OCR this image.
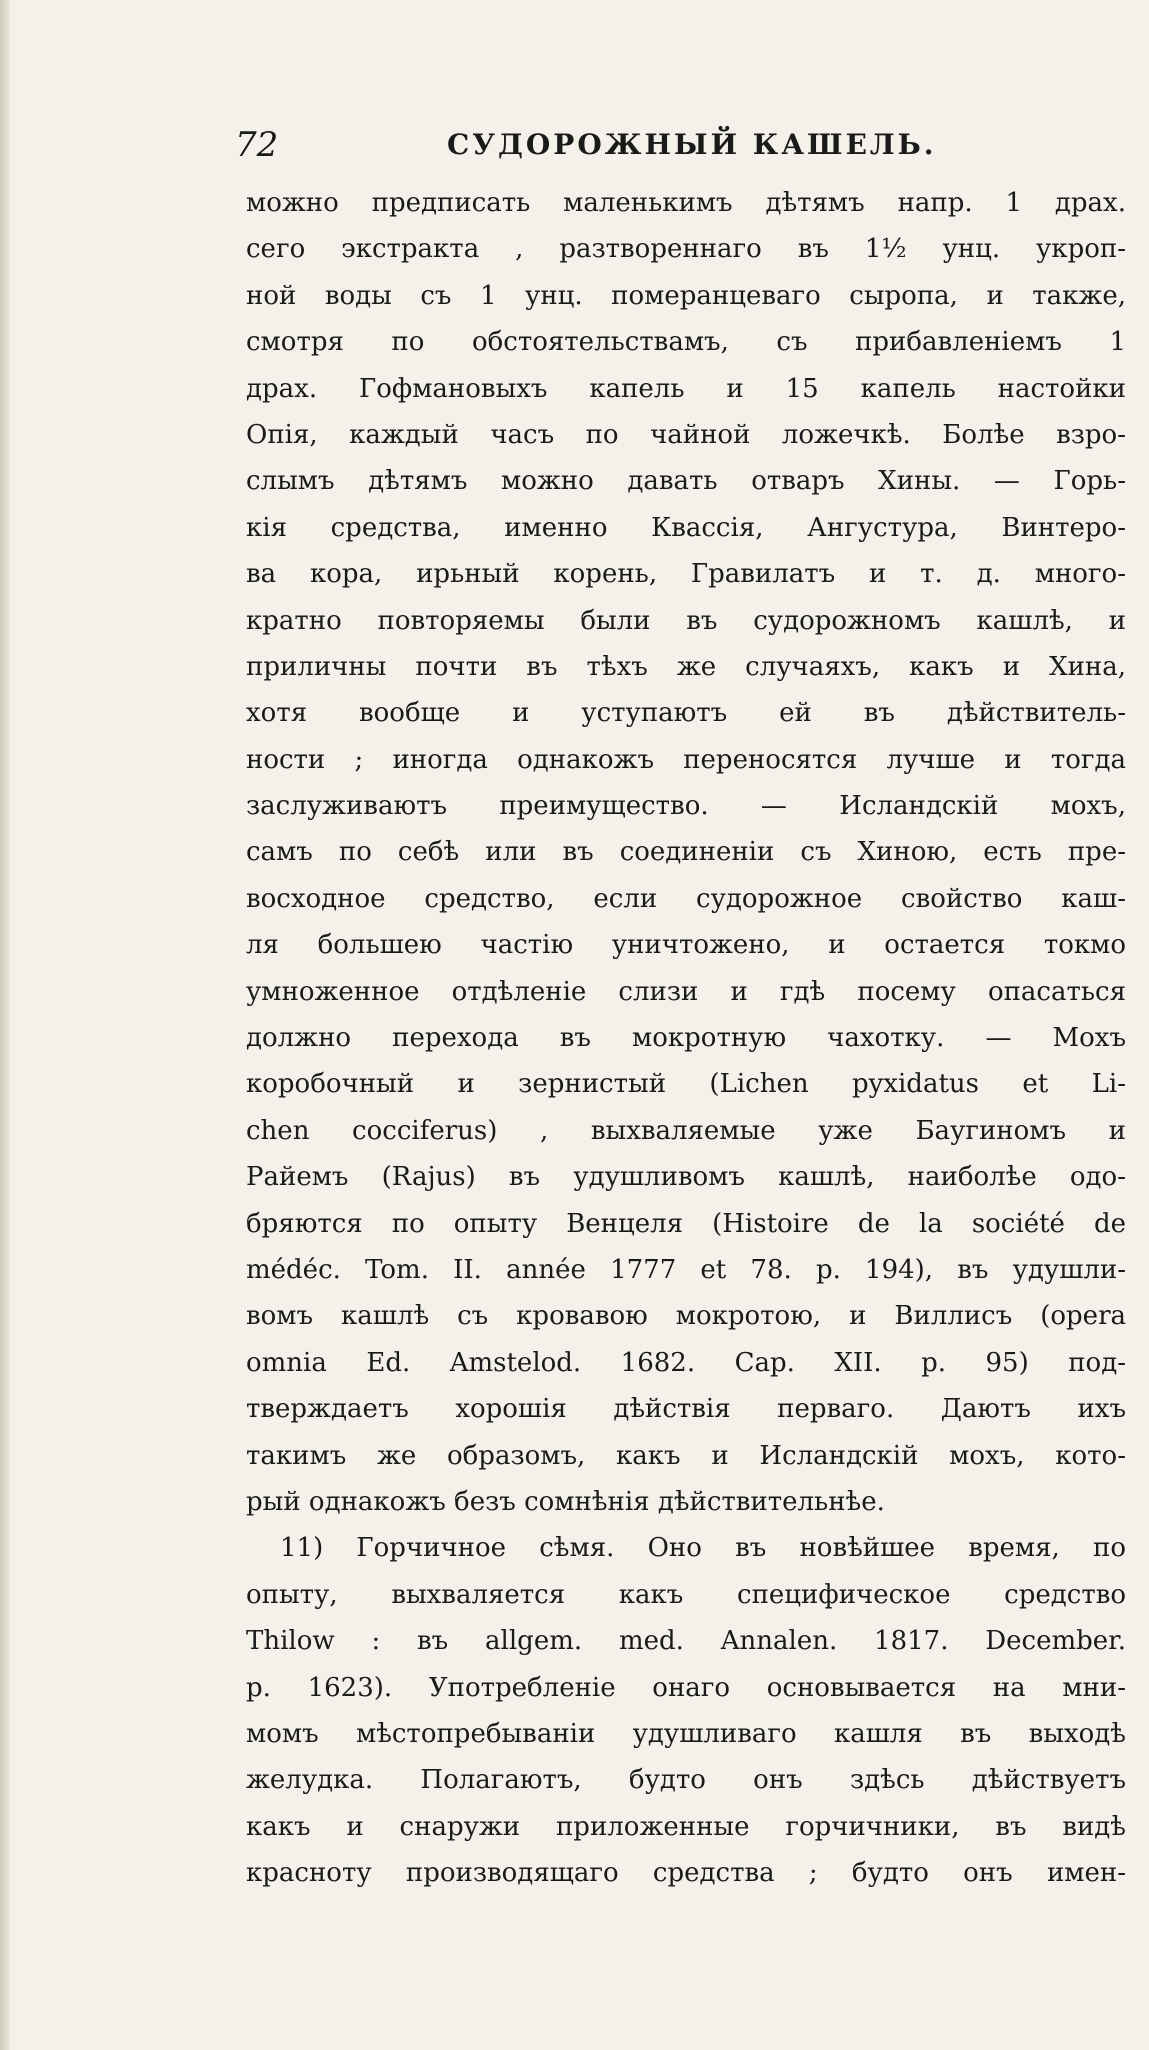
72	СУДОРОЖНЫЙ КАШЕЛЬ.
можно предписать маленькимъ дѣтямъ напр. 1 драх.
сего экстракта , разтвореннаго въ 1½ унц. укроп-
ной воды съ 1 унц. померанцеваго сыропа, и также,
смотря по обстоятельствамъ, съ прибавленіемъ 1
драх. Гофмановыхъ капель и 15 капель настойки
Опія, каждый часъ по чайной ложечкѣ. Болѣе взро-
слымъ дѣтямъ можно давать отваръ Хины. — Горь-
кія средства, именно Квассія, Ангустура, Винтеро-
ва кора, ирьный корень, Гравилатъ и т. д. много-
кратно повторяемы были въ судорожномъ кашлѣ, и
приличны почти въ тѣхъ же случаяхъ, какъ и Хина,
хотя вообще и уступаютъ ей въ дѣйствитель-
ности ; иногда однакожъ переносятся лучше и тогда
заслуживаютъ преимущество. — Исландскій мохъ,
самъ по себѣ или въ соединеніи съ Хиною, есть пре-
восходное средство, если судорожное свойство каш-
ля большею частію уничтожено, и остается токмо
умноженное отдѣленіе слизи и гдѣ посему опасаться
должно перехода въ мокротную чахотку. — Мохъ
коробочный и зернистый (Lichen pyxidatus et Li-
chen coccіferus) , выхваляемые уже Баугиномъ и
Райемъ (Rajus) въ удушливомъ кашлѣ, наиболѣе одо-
бряются по опыту Венцеля (Histoire de la société de
médéc. Tom. II. année 1777 et 78. p. 194), въ удушли-
вомъ кашлѣ съ кровавою мокротою, и Виллисъ (opera
omnia Ed. Amstelod. 1682. Cap. XII. p. 95) под-
тверждаетъ хорошія дѣйствія перваго. Даютъ ихъ
такимъ же образомъ, какъ и Исландскій мохъ, кото-
рый однакожъ безъ сомнѣнія дѣйствительнѣе.
11) Горчичное сѣмя. Оно въ новѣйшее время, по
опыту, выхваляется какъ специфическое средство
Thilow : въ allgem. med. Annalen. 1817. December.
p. 1623). Употребленіе онаго основывается на мни-
момъ мѣстопребываніи удушливаго кашля въ выходѣ
желудка. Полагаютъ, будто онъ здѣсь дѣйствуетъ
какъ и снаружи приложенные горчичники, въ видѣ
краснoту производящаго средства ; будто онъ имен-
